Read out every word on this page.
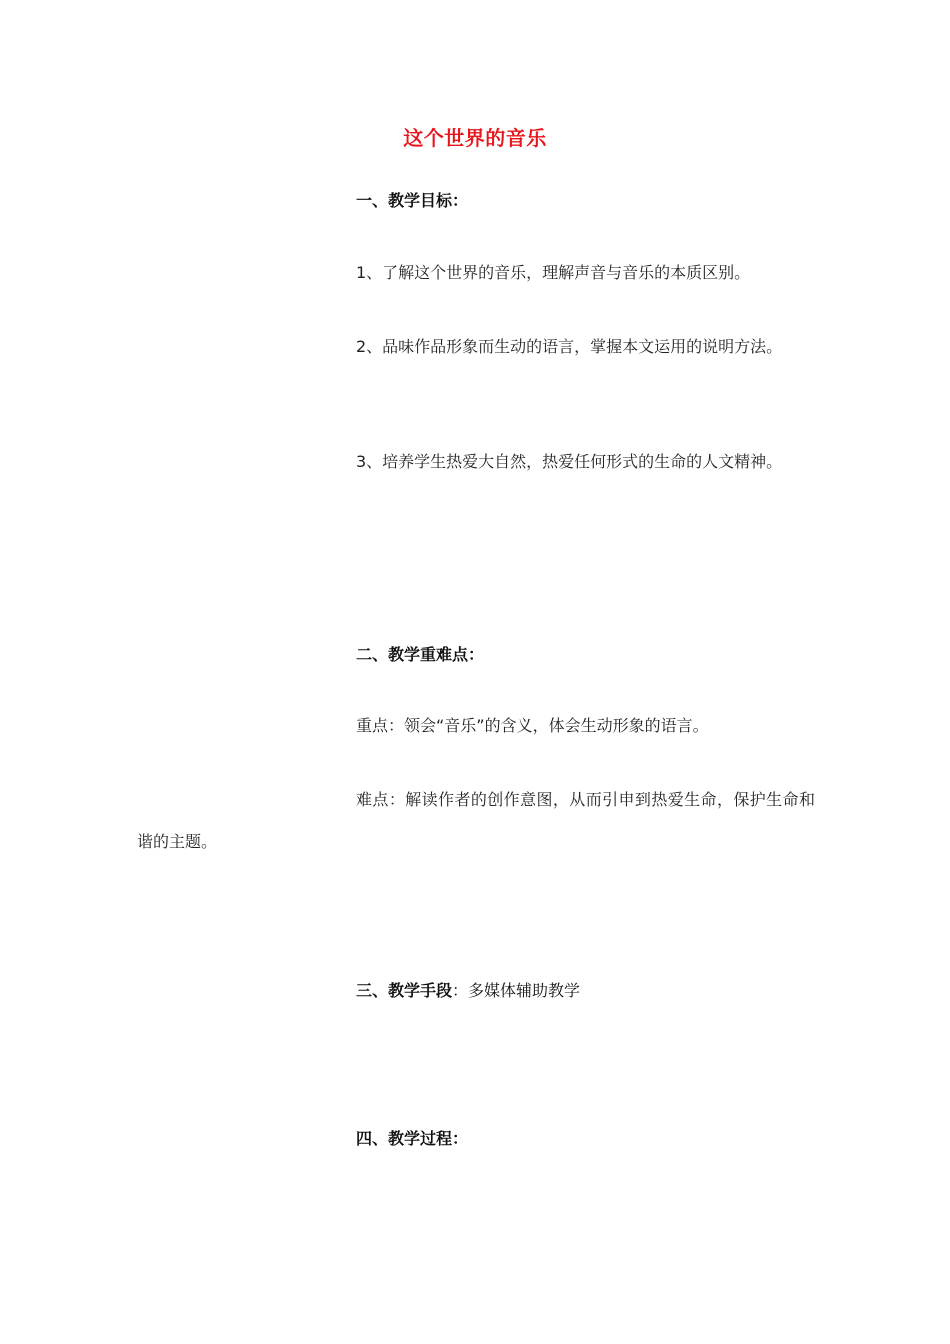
这个世界的音乐
一、教学目标：
1、了解这个世界的音乐，理解声音与音乐的本质区别。
2、品味作品形象而生动的语言，掌握本文运用的说明方法。
3、培养学生热爱大自然，热爱任何形式的生命的人文精神。
二、教学重难点：
重点：领会“音乐”的含义，体会生动形象的语言。
难点：解读作者的创作意图，从而引申到热爱生命，保护生命和谐的主题。
三、教学手段：多媒体辅助教学
四、教学过程：
